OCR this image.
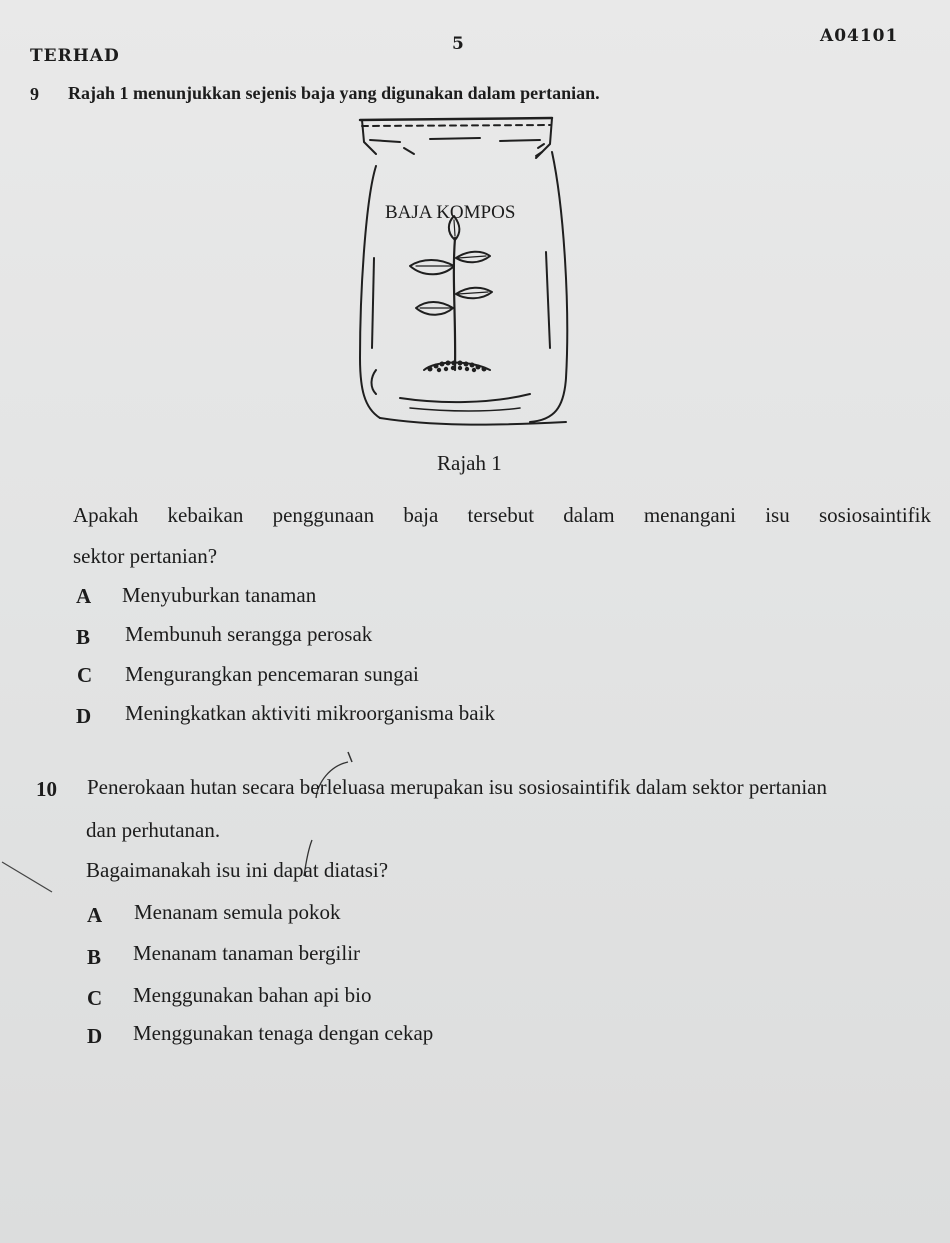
TERHAD
5	A04101
9 Rajah 1 menunjukkan sejenis baja yang digunakan dalam pertanian.
BAJA KOMPOS
Rajah 1
Apakah kebaikan penggunaan baja tersebut dalam menangani isu sosiosaintifik
sektor pertanian?
A Menyuburkan tanaman
B Membunuh serangga perosak
C Mengurangkan pencemaran sungai
D Meningkatkan aktiviti mikroorganisma baik
10 Penerokaan hutan secara berleluasa merupakan isu sosiosaintifik dalam sektor pertanian
dan perhutanan.
Bagaimanakah isu ini dapat diatasi?
A Menanam semula pokok
B Menanam tanaman bergilir
C Menggunakan bahan api bio
D Menggunakan tenaga dengan cekap
